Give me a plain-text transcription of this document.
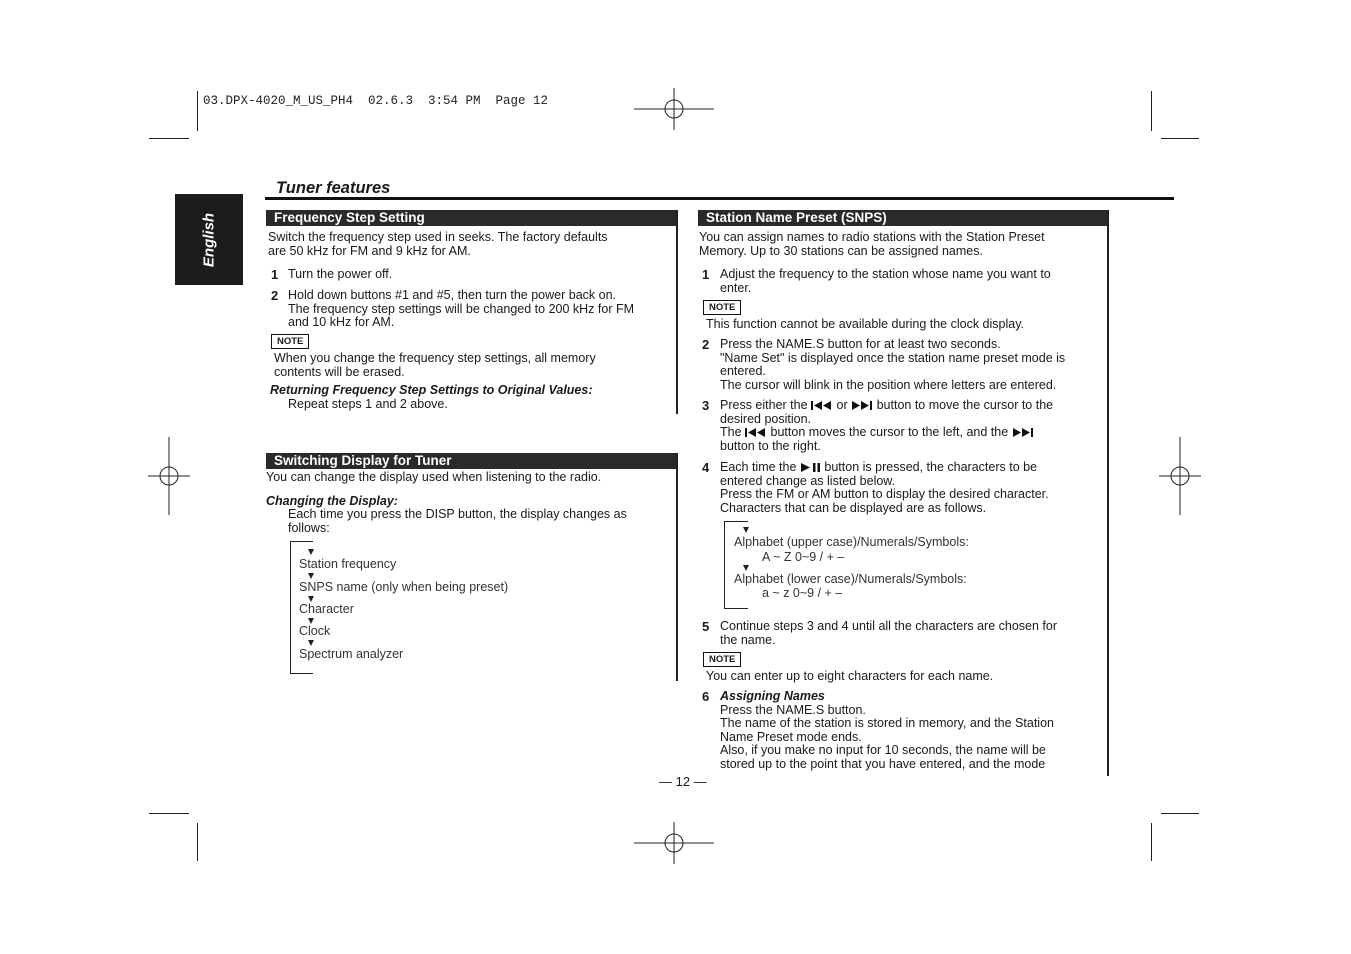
03.DPX-4020_M_US_PH4  02.6.3  3:54 PM  Page 12
English
Tuner features
Frequency Step Setting
Switch the frequency step used in seeks. The factory defaults
are 50 kHz for FM and 9 kHz for AM.
1 Turn the power off.
2 Hold down buttons #1 and #5, then turn the power back on.
The frequency step settings will be changed to 200 kHz for FM
and 10 kHz for AM.
NOTE
When you change the frequency step settings, all memory
contents will be erased.
Returning Frequency Step Settings to Original Values:
Repeat steps 1 and 2 above.
Switching Display for Tuner
You can change the display used when listening to the radio.
Changing the Display:
Each time you press the DISP button, the display changes as
follows:
Station frequency
SNPS name (only when being preset)
Character
Clock
Spectrum analyzer
Station Name Preset (SNPS)
You can assign names to radio stations with the Station Preset
Memory. Up to 30 stations can be assigned names.
1 Adjust the frequency to the station whose name you want to
enter.
NOTE
This function cannot be available during the clock display.
2 Press the NAME.S button for at least two seconds.
"Name Set" is displayed once the station name preset mode is
entered.
The cursor will blink in the position where letters are entered.
3 Press either the or button to move the cursor to the
desired position.
The button moves the cursor to the left, and the
button to the right.
4 Each time the button is pressed, the characters to be
entered change as listed below.
Press the FM or AM button to display the desired character.
Characters that can be displayed are as follows.
Alphabet (upper case)/Numerals/Symbols:
A ~ Z 0~9 / + –
Alphabet (lower case)/Numerals/Symbols:
a ~ z 0~9 / + –
5 Continue steps 3 and 4 until all the characters are chosen for
the name.
NOTE
You can enter up to eight characters for each name.
6 Assigning Names
Press the NAME.S button.
The name of the station is stored in memory, and the Station
Name Preset mode ends.
Also, if you make no input for 10 seconds, the name will be
stored up to the point that you have entered, and the mode
— 12 —
